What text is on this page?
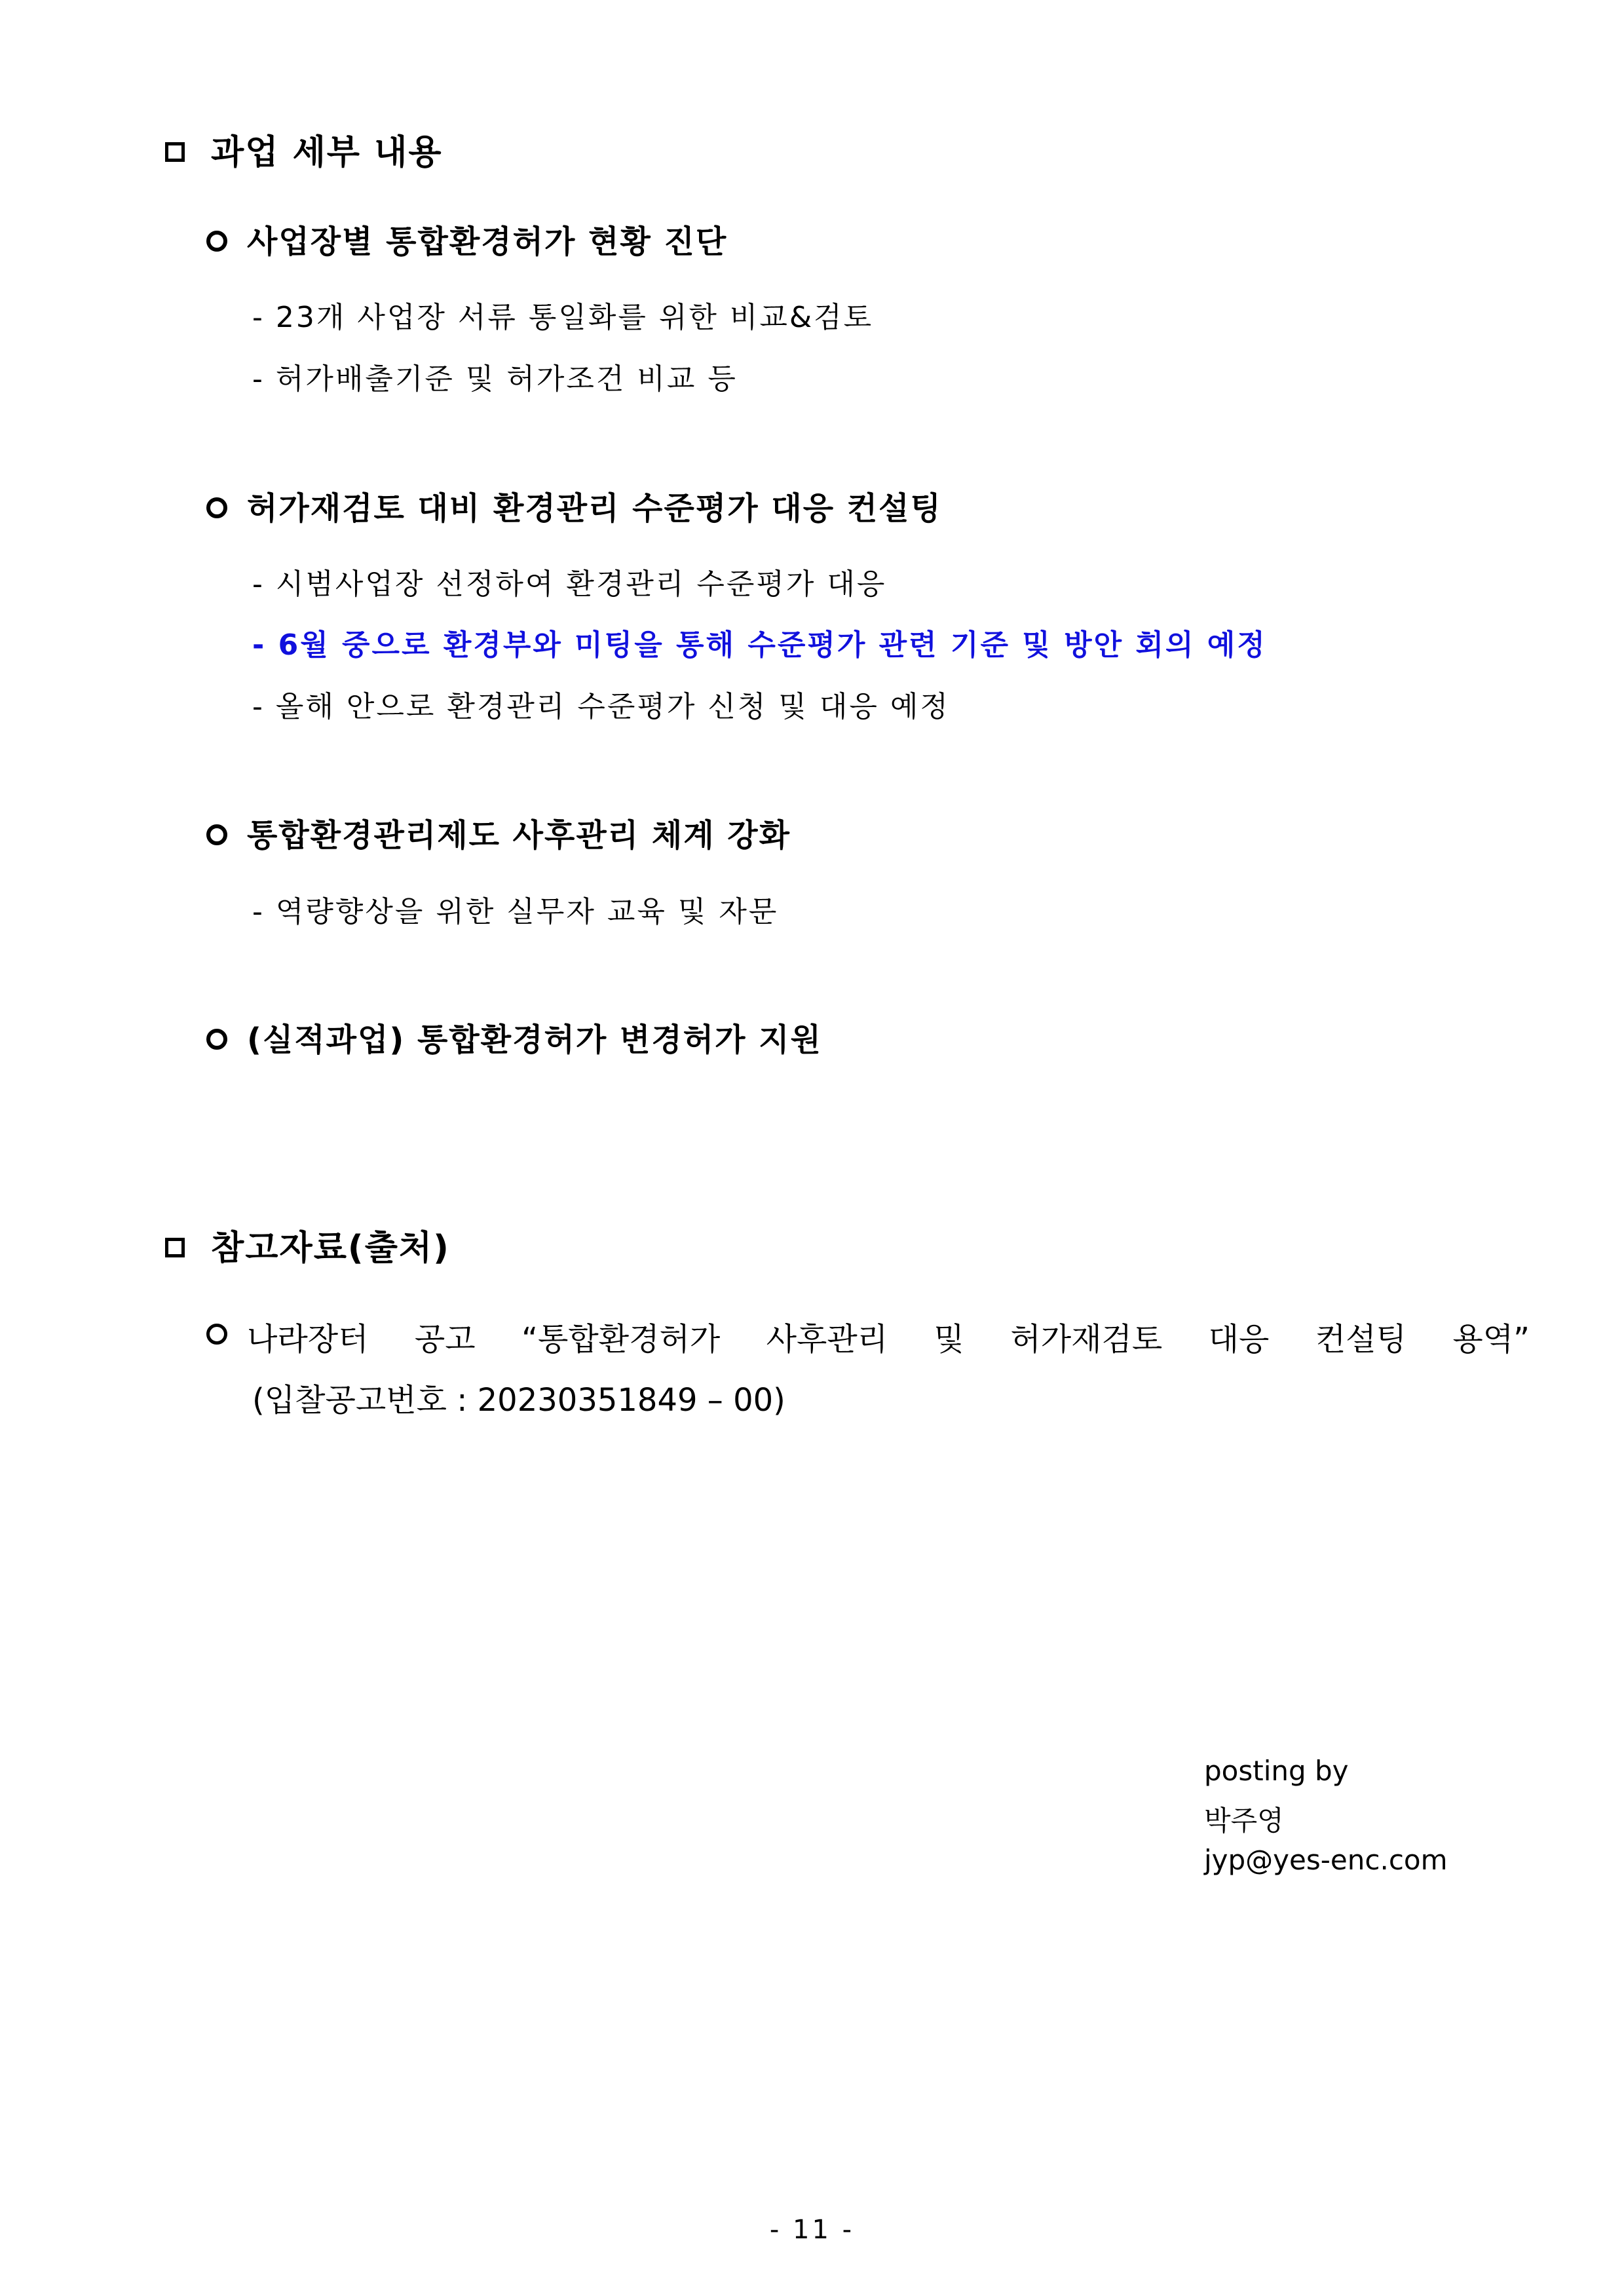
과업 세부 내용
사업장별 통합환경허가 현황 진단
- 23개 사업장 서류 통일화를 위한 비교&검토
- 허가배출기준 및 허가조건 비교 등
허가재검토 대비 환경관리 수준평가 대응 컨설팅
- 시범사업장 선정하여 환경관리 수준평가 대응
- 6월 중으로 환경부와 미팅을 통해 수준평가 관련 기준 및 방안 회의 예정
- 올해 안으로 환경관리 수준평가 신청 및 대응 예정
통합환경관리제도 사후관리 체계 강화
- 역량향상을 위한 실무자 교육 및 자문
(실적과업) 통합환경허가 변경허가 지원
참고자료(출처)
나라장터 공고 “통합환경허가 사후관리 및 허가재검토 대응 컨설팅 용역”
(입찰공고번호 : 20230351849 – 00)
posting by
박주영
jyp@yes-enc.com
- 11 -
